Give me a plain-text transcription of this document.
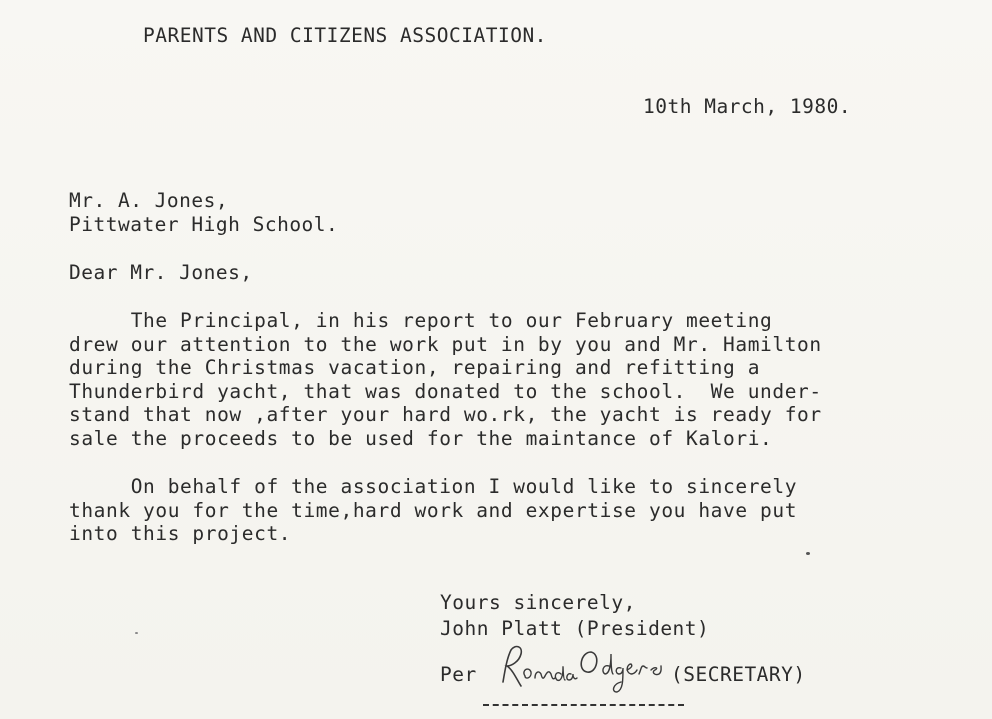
PARENTS AND CITIZENS ASSOCIATION.
10th March, 1980.
Mr. A. Jones,
Pittwater High School.
Dear Mr. Jones,
The Principal, in his report to our February meeting
drew our attention to the work put in by you and Mr. Hamilton
during the Christmas vacation, repairing and refitting a
Thunderbird yacht, that was donated to the school.  We under-
stand that now ,after your hard wo.rk, the yacht is ready for
sale the proceeds to be used for the maintance of Kalori.
On behalf of the association I would like to sincerely
thank you for the time,hard work and expertise you have put
into this project.
Yours sincerely,
John Platt (President)
Per	(SECRETARY)
